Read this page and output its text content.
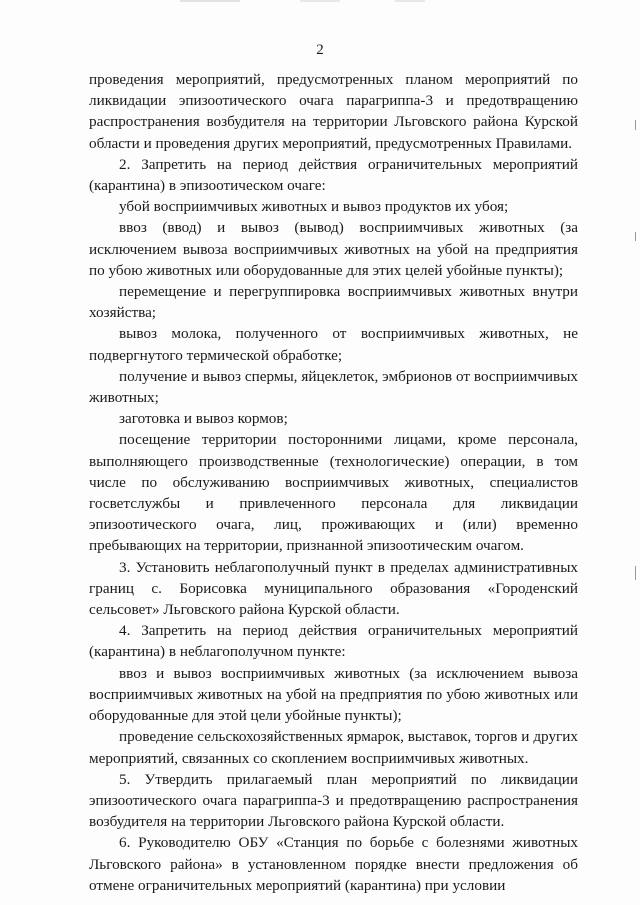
2

проведения мероприятий, предусмотренных планом мероприятий по ликвидации эпизоотического очага парагриппа-3 и предотвращению распространения возбудителя на территории Льговского района Курской области и проведения других мероприятий, предусмотренных Правилами.

2. Запретить на период действия ограничительных мероприятий (карантина) в эпизоотическом очаге:

убой восприимчивых животных и вывоз продуктов их убоя;

ввоз (ввод) и вывоз (вывод) восприимчивых животных (за исключением вывоза восприимчивых животных на убой на предприятия по убою животных или оборудованные для этих целей убойные пункты);

перемещение и перегруппировка восприимчивых животных внутри хозяйства;

вывоз молока, полученного от восприимчивых животных, не подвергнутого термической обработке;

получение и вывоз спермы, яйцеклеток, эмбрионов от восприимчивых животных;

заготовка и вывоз кормов;

посещение территории посторонними лицами, кроме персонала, выполняющего производственные (технологические) операции, в том числе по обслуживанию восприимчивых животных, специалистов госветслужбы и привлеченного персонала для ликвидации эпизоотического очага, лиц, проживающих и (или) временно пребывающих на территории, признанной эпизоотическим очагом.

3. Установить неблагополучный пункт в пределах административных границ с. Борисовка муниципального образования «Городенский сельсовет» Льговского района Курской области.

4. Запретить на период действия ограничительных мероприятий (карантина) в неблагополучном пункте:

ввоз и вывоз восприимчивых животных (за исключением вывоза восприимчивых животных на убой на предприятия по убою животных или оборудованные для этой цели убойные пункты);

проведение сельскохозяйственных ярмарок, выставок, торгов и других мероприятий, связанных со скоплением восприимчивых животных.

5. Утвердить прилагаемый план мероприятий по ликвидации эпизоотического очага парагриппа-3 и предотвращению распространения возбудителя на территории Льговского района Курской области.

6. Руководителю ОБУ «Станция по борьбе с болезнями животных Льговского района» в установленном порядке внести предложения об отмене ограничительных мероприятий (карантина) при условии
